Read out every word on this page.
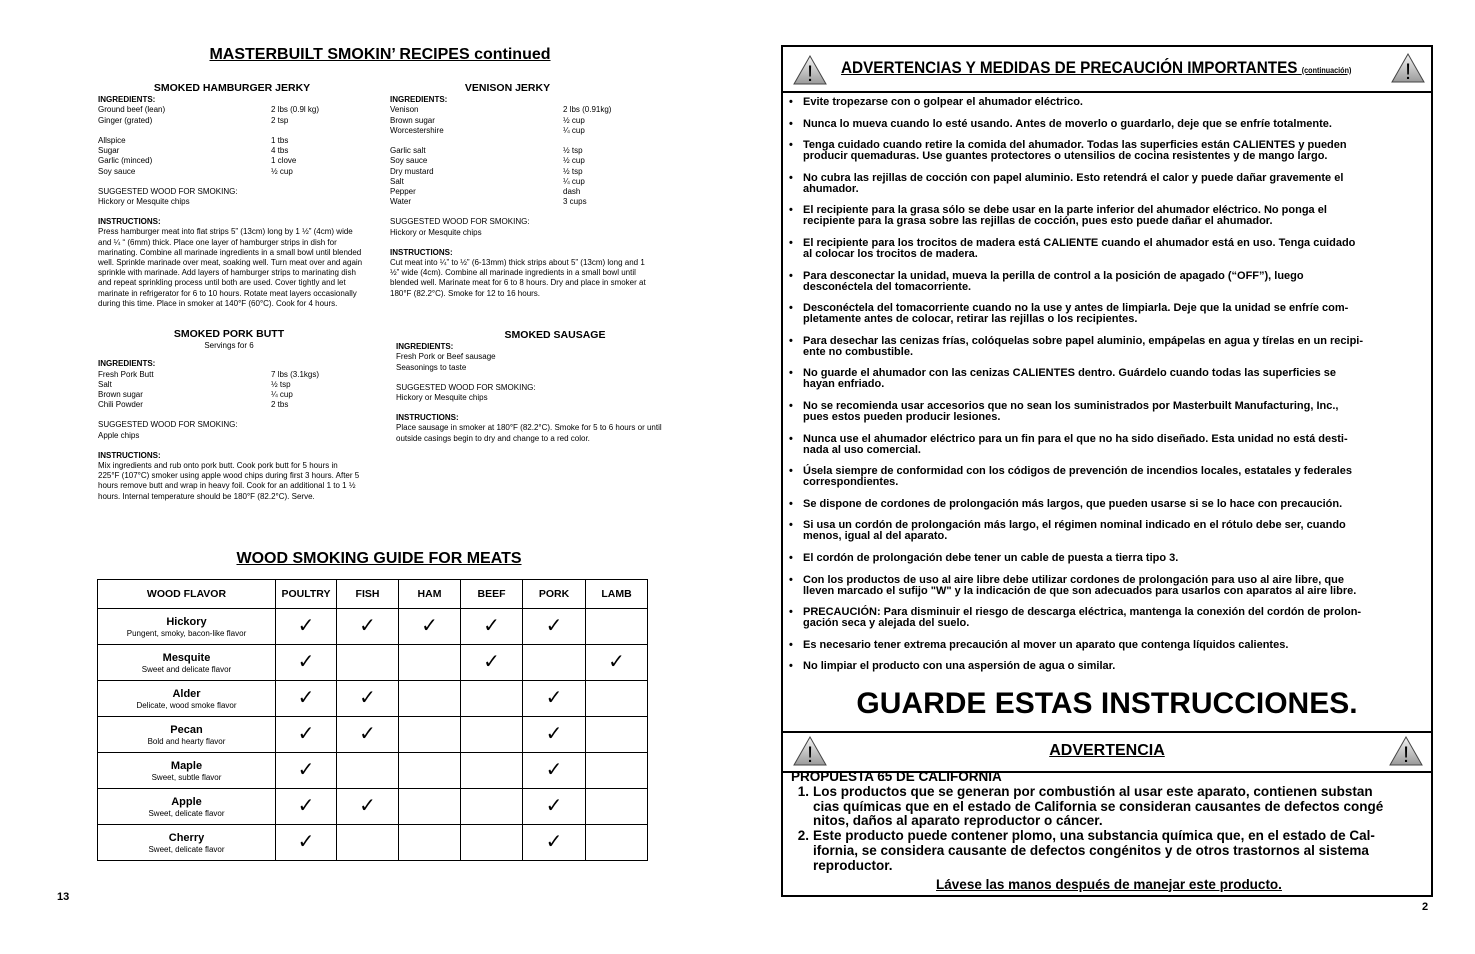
MASTERBUILT SMOKIN’ RECIPES continued
SMOKED HAMBURGER JERKY
INGREDIENTS:
Ground beef (lean)	2 lbs (0.9l kg)
Ginger (grated)	2 tsp
Allspice	1 tbs
Sugar	4 tbs
Garlic (minced)	1 clove
Soy sauce	½ cup
SUGGESTED WOOD FOR SMOKING:
Hickory or Mesquite chips
INSTRUCTIONS:
Press hamburger meat into flat strips 5” (13cm) long by 1 ½” (4cm) wide and ¼ “ (6mm) thick. Place one layer of hamburger strips in dish for marinating. Combine all marinade ingredients in a small bowl until blended well. Sprinkle marinade over meat, soaking well. Turn meat over and again sprinkle with marinade. Add layers of hamburger strips to marinating dish and repeat sprinkling process until both are used. Cover tightly and let marinate in refrigerator for 6 to 10 hours. Rotate meat layers occasionally during this time. Place in smoker at 140°F (60°C). Cook for 4 hours.
VENISON JERKY
INGREDIENTS:
Venison	2 lbs (0.91kg)
Brown sugar	½ cup
Worcestershire	¼ cup
Garlic salt	½ tsp
Soy sauce	½ cup
Dry mustard	½ tsp
Salt	¼ cup
Pepper	dash
Water	3 cups
SUGGESTED WOOD FOR SMOKING:
Hickory or Mesquite chips
INSTRUCTIONS:
Cut meat into ¼” to ½” (6-13mm) thick strips about 5” (13cm) long and 1 ½” wide (4cm). Combine all marinade ingredients in a small bowl until blended well. Marinate meat for 6 to 8 hours. Dry and place in smoker at 180°F (82.2°C). Smoke for 12 to 16 hours.
SMOKED PORK BUTT
Servings for 6
INGREDIENTS:
Fresh Pork Butt	7 lbs (3.1kgs)
Salt	½ tsp
Brown sugar	¼ cup
Chili Powder	2 tbs
SUGGESTED WOOD FOR SMOKING:
Apple chips
INSTRUCTIONS:
Mix ingredients and rub onto pork butt. Cook pork butt for 5 hours in 225°F (107°C) smoker using apple wood chips during first 3 hours. After 5 hours remove butt and wrap in heavy foil. Cook for an additional 1 to 1 ½ hours. Internal temperature should be 180°F (82.2°C). Serve.
SMOKED SAUSAGE
INGREDIENTS:
Fresh Pork or Beef sausage
Seasonings to taste
SUGGESTED WOOD FOR SMOKING:
Hickory or Mesquite chips
INSTRUCTIONS:
Place sausage in smoker at 180°F (82.2°C). Smoke for 5 to 6 hours or until outside casings begin to dry and change to a red color.
WOOD SMOKING GUIDE FOR MEATS
WOOD FLAVOR	POULTRY	FISH	HAM	BEEF	PORK	LAMB

Hickory
Pungent, smoky, bacon-like flavor	✓	✓	✓	✓	✓	

Mesquite
Sweet and delicate flavor	✓			✓		✓

Alder
Delicate, wood smoke flavor	✓	✓			✓	

Pecan
Bold and hearty flavor	✓	✓			✓	

Maple
Sweet, subtle flavor	✓				✓	

Apple
Sweet, delicate flavor	✓	✓			✓	

Cherry
Sweet, delicate flavor	✓				✓	
13
2
! ADVERTENCIAS Y MEDIDAS DE PRECAUCIÓN IMPORTANTES (continuación) !
• Evite tropezarse con o golpear el ahumador eléctrico.
• Nunca lo mueva cuando lo esté usando. Antes de moverlo o guardarlo, deje que se enfríe totalmente.
• Tenga cuidado cuando retire la comida del ahumador. Todas las superficies están CALIENTES y pueden
producir quemaduras. Use guantes protectores o utensilios de cocina resistentes y de mango largo.
• No cubra las rejillas de cocción con papel aluminio. Esto retendrá el calor y puede dañar gravemente el
ahumador.
• El recipiente para la grasa sólo se debe usar en la parte inferior del ahumador eléctrico. No ponga el
recipiente para la grasa sobre las rejillas de cocción, pues esto puede dañar el ahumador.
• El recipiente para los trocitos de madera está CALIENTE cuando el ahumador está en uso. Tenga cuidado
al colocar los trocitos de madera.
• Para desconectar la unidad, mueva la perilla de control a la posición de apagado (“OFF”), luego
desconéctela del tomacorriente.
• Desconéctela del tomacorriente cuando no la use y antes de limpiarla. Deje que la unidad se enfríe com-
pletamente antes de colocar, retirar las rejillas o los recipientes.
• Para desechar las cenizas frías, colóquelas sobre papel aluminio, empápelas en agua y tírelas en un recipi-
ente no combustible.
• No guarde el ahumador con las cenizas CALIENTES dentro. Guárdelo cuando todas las superficies se
hayan enfriado.
• No se recomienda usar accesorios que no sean los suministrados por Masterbuilt Manufacturing, Inc.,
pues estos pueden producir lesiones.
• Nunca use el ahumador eléctrico para un fin para el que no ha sido diseñado. Esta unidad no está desti-
nada al uso comercial.
• Úsela siempre de conformidad con los códigos de prevención de incendios locales, estatales y federales
correspondientes.
• Se dispone de cordones de prolongación más largos, que pueden usarse si se lo hace con precaución.
• Si usa un cordón de prolongación más largo, el régimen nominal indicado en el rótulo debe ser, cuando
menos, igual al del aparato.
• El cordón de prolongación debe tener un cable de puesta a tierra tipo 3.
• Con los productos de uso al aire libre debe utilizar cordones de prolongación para uso al aire libre, que
lleven marcado el sufijo "W" y la indicación de que son adecuados para usarlos con aparatos al aire libre.
• PRECAUCIÓN: Para disminuir el riesgo de descarga eléctrica, mantenga la conexión del cordón de prolon-
gación seca y alejada del suelo.
• Es necesario tener extrema precaución al mover un aparato que contenga líquidos calientes.
• No limpiar el producto con una aspersión de agua o similar.
GUARDE ESTAS INSTRUCCIONES.
!	ADVERTENCIA	!
PROPUESTA 65 DE CALIFORNIA
1. Los productos que se generan por combustión al usar este aparato, contienen substan
cias químicas que en el estado de California se consideran causantes de defectos congé
nitos, daños al aparato reproductor o cáncer.
2. Este producto puede contener plomo, una substancia química que, en el estado de Cal-
ifornia, se considera causante de defectos congénitos y de otros trastornos al sistema
reproductor.
Lávese las manos después de manejar este producto.
